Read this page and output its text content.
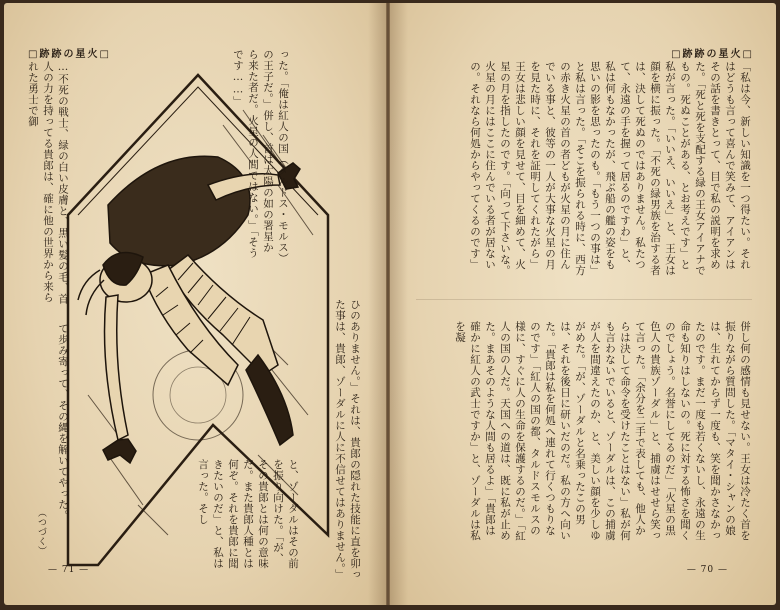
□跡跡の星火□	った。「俺は紅人の国（タルドス・モルス）の王子だ。」併し、首は太陽の如の署星から来た者だ。火星の人間ではない。」「そうです……」
…不死の戦士、緑の白い皮膚と、黒い髪の毛、首人の力を持ってる貴郎は、確に他の世界から来られた勇士で御
ひのありません。」それは、貴郎の隠れた技能に直を卯った事は、貴郎、ゾーダルに人に不信せてはありません。」
と、ゾーダルはその前を振り向けた。「が、その貴郎とは何の意味だ。また貴郎人種とは何ぞ。それを貴郎に聞きたいのだ」と、私は言った。そし
て歩み寄って、その縄を解いてやった。
（つづく）
— 71 —
□跡跡の星火□
「私は今、新しい知識を一つ得たい。それはどうも言って喜んで笑みて、アイアンはその話を書きとって、目で私の説明を求めた。「死と死を支配する緑の王女アイアナでもの。死ぬことがある、とお考えです」と私が言った。「いいえ、いいえ」と、王女は顔を横に振った。「不死の緑男族を治する者は、決して死ぬのではありません。私たつて、永遠の手を握って居るのですわ」と、私は何もなかったが、飛ぶ船の艦の姿をも思いの影を思ったのも。「もう一つの事は」と私は言った。「そこを振られる時に、西方の赤き火星の首の者どもが火星の月に住んでいる事と、彼等の一人が大事な火星の月を見た時に、それを証明してくれたがら」王女は悲しい顔を見せて、目を細めて、火星の月を指したのです。「向って下さいな。火星の月にはここに住んでいる者が居ないの。それなら何処からやってくるのです」
併し何の感情も見せない。王女は冷たく首を振りながら質問した。「マタイ・シャンの娘は、生れてからず一度も、笑を聞かさなかったのです。まだ一度も若くないし、永遠の生命も知りはしないの。死に対する怖さを聞くのでしょう。名誉にしてるのだ」「火星の黒色人の貴族ゾーダル」と、捕虜はせせら笑って言った。「余分を二手で表しても、他人からは決して命令を受けたことはない」私が何も言わないでいると、ゾーダルは、この捕虜が人を間違えたのか、と、美しい顔を少しゆがめた。「が、ゾーダルと名乗ったこの男は、それを後日に研いだのだ。私の方へ向いた。「貴郎は私を何処へ連れて行くつもりなのです」「紅人の国の都、タルドスモルスの様に、すぐに人の生命を保護するのだ。」「紅人の国の人だ。天国への道は、既に私が止めた。まあそのような人間も居るよ」「貴郎は確かに紅人の武士ですか」と、ゾーダルは私を凝
— 70 —
